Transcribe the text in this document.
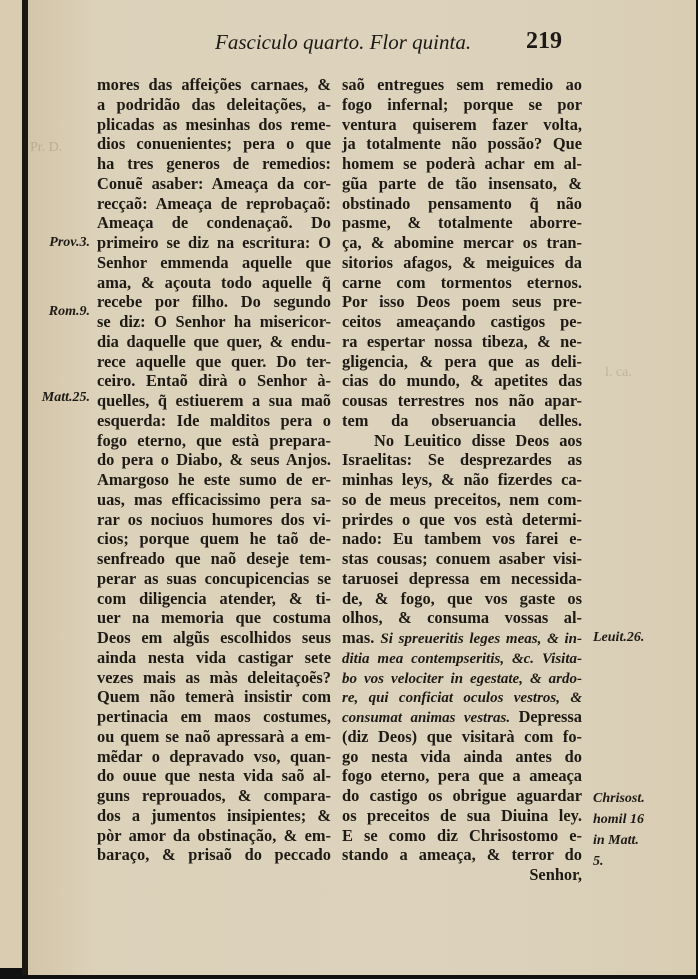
Pr. D.
l. ca.
Fasciculo quarto. Flor quinta. 219
mores das affeições carnaes, &
a podridão das deleitações, a-
plicadas as mesinhas dos reme-
dios conuenientes; pera o que
ha tres generos de remedios:
Conuẽ asaber: Ameaça da cor-
recçaõ: Ameaça de reprobaçaõ:
Ameaça de condenaçaõ. Do
primeiro se diz na escritura: O
Senhor emmenda aquelle que
ama, & açouta todo aquelle q̃
recebe por filho. Do segundo
se diz: O Senhor ha misericor-
dia daquelle que quer, & endu-
rece aquelle que quer. Do ter-
ceiro. Entaõ dirà o Senhor à-
quelles, q̃ estiuerem a sua maõ
esquerda: Ide malditos pera o
fogo eterno, que està prepara-
do pera o Diabo, & seus Anjos.
Amargoso he este sumo de er-
uas, mas efficacissimo pera sa-
rar os nociuos humores dos vi-
cios; porque quem he taõ de-
senfreado que naõ deseje tem-
perar as suas concupicencias se
com diligencia atender, & ti-
uer na memoria que costuma
Deos em algũs escolhidos seus
ainda nesta vida castigar sete
vezes mais as màs deleitaçoẽs?
Quem não temerà insistir com
pertinacia em maos costumes,
ou quem se naõ apressarà a em-
mẽdar o depravado vso, quan-
do ouue que nesta vida saõ al-
guns reprouados, & compara-
dos a jumentos insipientes; &
pòr amor da obstinação, & em-
baraço, & prisaõ do peccado
saõ entregues sem remedio ao
fogo infernal; porque se por
ventura quiserem fazer volta,
ja totalmente não possão? Que
homem se poderà achar em al-
gũa parte de tão insensato, &
obstinado pensamento q̃ não
pasme, & totalmente aborre-
ça, & abomine mercar os tran-
sitorios afagos, & meiguices da
carne com tormentos eternos.
Por isso Deos poem seus pre-
ceitos ameaçando castigos pe-
ra espertar nossa tibeza, & ne-
gligencia, & pera que as deli-
cias do mundo, & apetites das
cousas terrestres nos não apar-
tem da obseruancia delles.
No Leuitico disse Deos aos
Israelitas: Se desprezardes as
minhas leys, & não fizerdes ca-
so de meus preceitos, nem com-
prirdes o que vos està determi-
nado: Eu tambem vos farei e-
stas cousas; conuem asaber visi-
taruosei depressa em necessida-
de, & fogo, que vos gaste os
olhos, & consuma vossas al-
mas. Si spreueritis leges meas, & in-
ditia mea contempseritis, &c. Visita-
bo vos velociter in egestate, & ardo-
re, qui conficiat oculos vestros, &
consumat animas vestras. Depressa
(diz Deos) que visitarà com fo-
go nesta vida ainda antes do
fogo eterno, pera que a ameaça
do castigo os obrigue aguardar
os preceitos de sua Diuina ley.
E se como diz Chrisostomo e-
stando a ameaça, & terror do
Senhor,
Prov.3.
Rom.9.
Matt.25.
Leuit.26.
Chrisost.
homil 16
in Matt.
5.
